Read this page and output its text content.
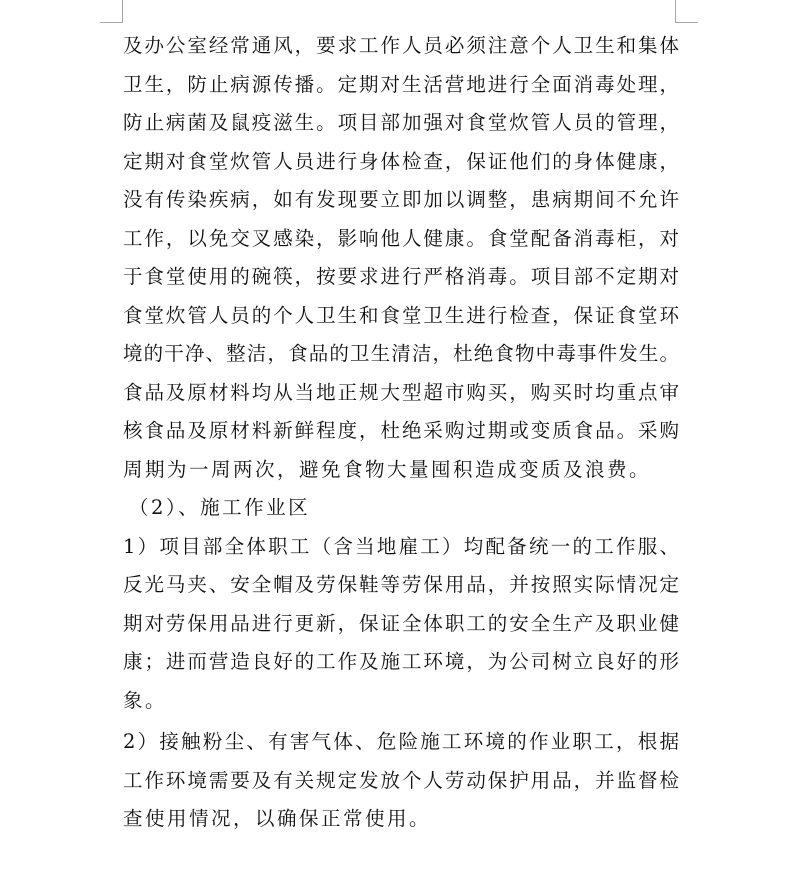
及办公室经常通风，要求工作人员必须注意个人卫生和集体
卫生，防止病源传播。定期对生活营地进行全面消毒处理，
防止病菌及鼠疫滋生。项目部加强对食堂炊管人员的管理，
定期对食堂炊管人员进行身体检查，保证他们的身体健康，
没有传染疾病，如有发现要立即加以调整，患病期间不允许
工作，以免交叉感染，影响他人健康。食堂配备消毒柜，对
于食堂使用的碗筷，按要求进行严格消毒。项目部不定期对
食堂炊管人员的个人卫生和食堂卫生进行检查，保证食堂环
境的干净、整洁，食品的卫生清洁，杜绝食物中毒事件发生。
食品及原材料均从当地正规大型超市购买，购买时均重点审
核食品及原材料新鲜程度，杜绝采购过期或变质食品。采购
周期为一周两次，避免食物大量囤积造成变质及浪费。
（2）、施工作业区
1）项目部全体职工（含当地雇工）均配备统一的工作服、
反光马夹、安全帽及劳保鞋等劳保用品，并按照实际情况定
期对劳保用品进行更新，保证全体职工的安全生产及职业健
康；进而营造良好的工作及施工环境，为公司树立良好的形
象。
2）接触粉尘、有害气体、危险施工环境的作业职工，根据
工作环境需要及有关规定发放个人劳动保护用品，并监督检
查使用情况，以确保正常使用。
